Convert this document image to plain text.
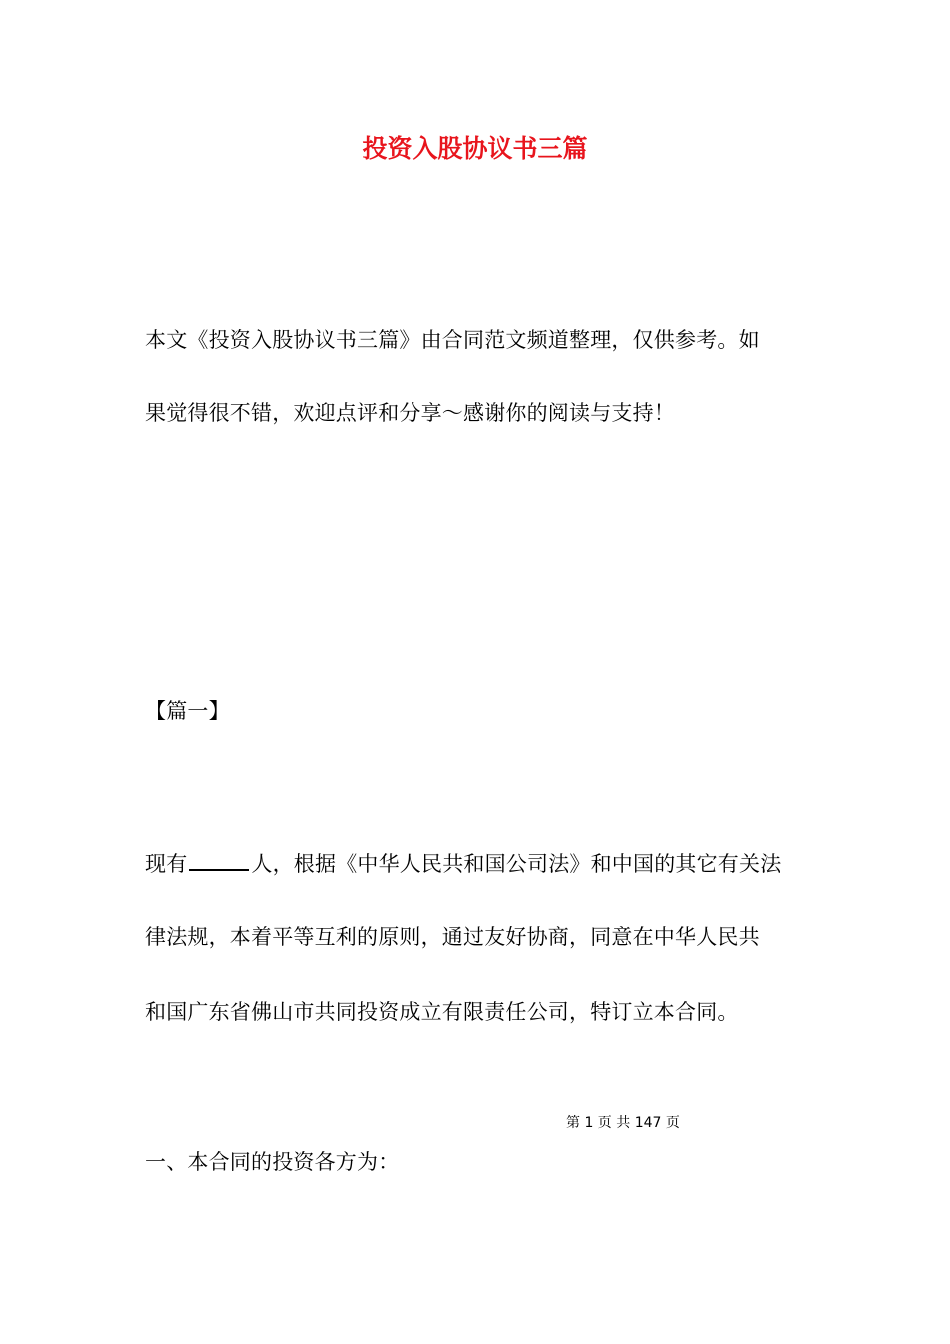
投资入股协议书三篇
本文《投资入股协议书三篇》由合同范文频道整理，仅供参考。如
果觉得很不错，欢迎点评和分享～感谢你的阅读与支持！
【篇一】
现有	人，根据《中华人民共和国公司法》和中国的其它有关法
律法规，本着平等互利的原则，通过友好协商，同意在中华人民共
和国广东省佛山市共同投资成立有限责任公司，特订立本合同。
第 1 页 共 147 页
一、本合同的投资各方为：
